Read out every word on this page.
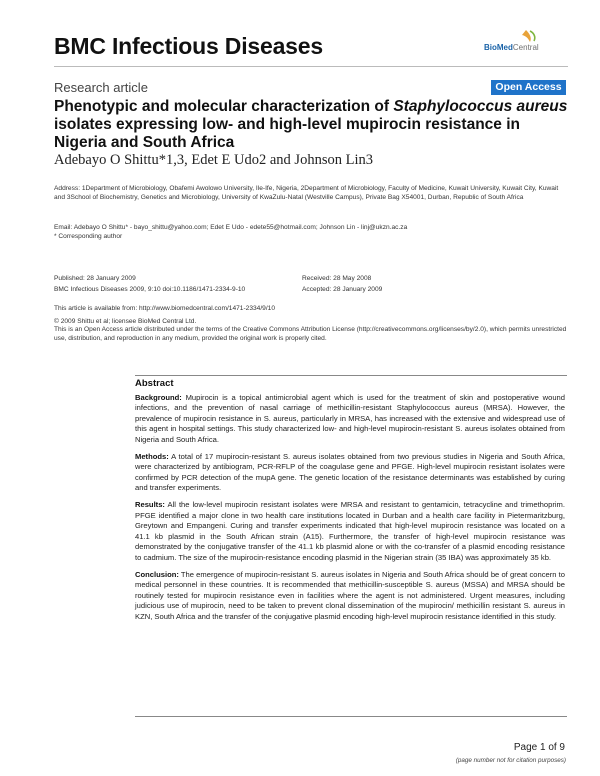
BMC Infectious Diseases	BioMedCentral
Research article	Open Access
Phenotypic and molecular characterization of Staphylococcus aureus isolates expressing low- and high-level mupirocin resistance in Nigeria and South Africa
Adebayo O Shittu*1,3, Edet E Udo2 and Johnson Lin3
Address: 1Department of Microbiology, Obafemi Awolowo University, Ile-Ife, Nigeria, 2Department of Microbiology, Faculty of Medicine, Kuwait University, Kuwait City, Kuwait and 3School of Biochemistry, Genetics and Microbiology, University of KwaZulu-Natal (Westville Campus), Private Bag X54001, Durban, Republic of South Africa
Email: Adebayo O Shittu* - bayo_shittu@yahoo.com; Edet E Udo - edete55@hotmail.com; Johnson Lin - linj@ukzn.ac.za
* Corresponding author
Published: 28 January 2009
BMC Infectious Diseases 2009, 9:10 doi:10.1186/1471-2334-9-10
Received: 28 May 2008
Accepted: 28 January 2009
This article is available from: http://www.biomedcentral.com/1471-2334/9/10
© 2009 Shittu et al; licensee BioMed Central Ltd.
This is an Open Access article distributed under the terms of the Creative Commons Attribution License (http://creativecommons.org/licenses/by/2.0), which permits unrestricted use, distribution, and reproduction in any medium, provided the original work is properly cited.
Abstract

Background: Mupirocin is a topical antimicrobial agent which is used for the treatment of skin and postoperative wound infections, and the prevention of nasal carriage of methicillin-resistant Staphylococcus aureus (MRSA). However, the prevalence of mupirocin resistance in S. aureus, particularly in MRSA, has increased with the extensive and widespread use of this agent in hospital settings. This study characterized low- and high-level mupirocin-resistant S. aureus isolates obtained from Nigeria and South Africa.

Methods: A total of 17 mupirocin-resistant S. aureus isolates obtained from two previous studies in Nigeria and South Africa, were characterized by antibiogram, PCR-RFLP of the coagulase gene and PFGE. High-level mupirocin resistant isolates were confirmed by PCR detection of the mupA gene. The genetic location of the resistance determinants was established by curing and transfer experiments.

Results: All the low-level mupirocin resistant isolates were MRSA and resistant to gentamicin, tetracycline and trimethoprim. PFGE identified a major clone in two health care institutions located in Durban and a health care facility in Pietermaritzburg, Greytown and Empangeni. Curing and transfer experiments indicated that high-level mupirocin resistance was located on a 41.1 kb plasmid in the South African strain (A15). Furthermore, the transfer of high-level mupirocin resistance was demonstrated by the conjugative transfer of the 41.1 kb plasmid alone or with the co-transfer of a plasmid encoding resistance to cadmium. The size of the mupirocin-resistance encoding plasmid in the Nigerian strain (35 IBA) was approximately 35 kb.

Conclusion: The emergence of mupirocin-resistant S. aureus isolates in Nigeria and South Africa should be of great concern to medical personnel in these countries. It is recommended that methicillin-susceptible S. aureus (MSSA) and MRSA should be routinely tested for mupirocin resistance even in facilities where the agent is not administered. Urgent measures, including judicious use of mupirocin, need to be taken to prevent clonal dissemination of the mupirocin/ methicillin resistant S. aureus in KZN, South Africa and the transfer of the conjugative plasmid encoding high-level mupirocin resistance identified in this study.

Page 1 of 9
(page number not for citation purposes)
